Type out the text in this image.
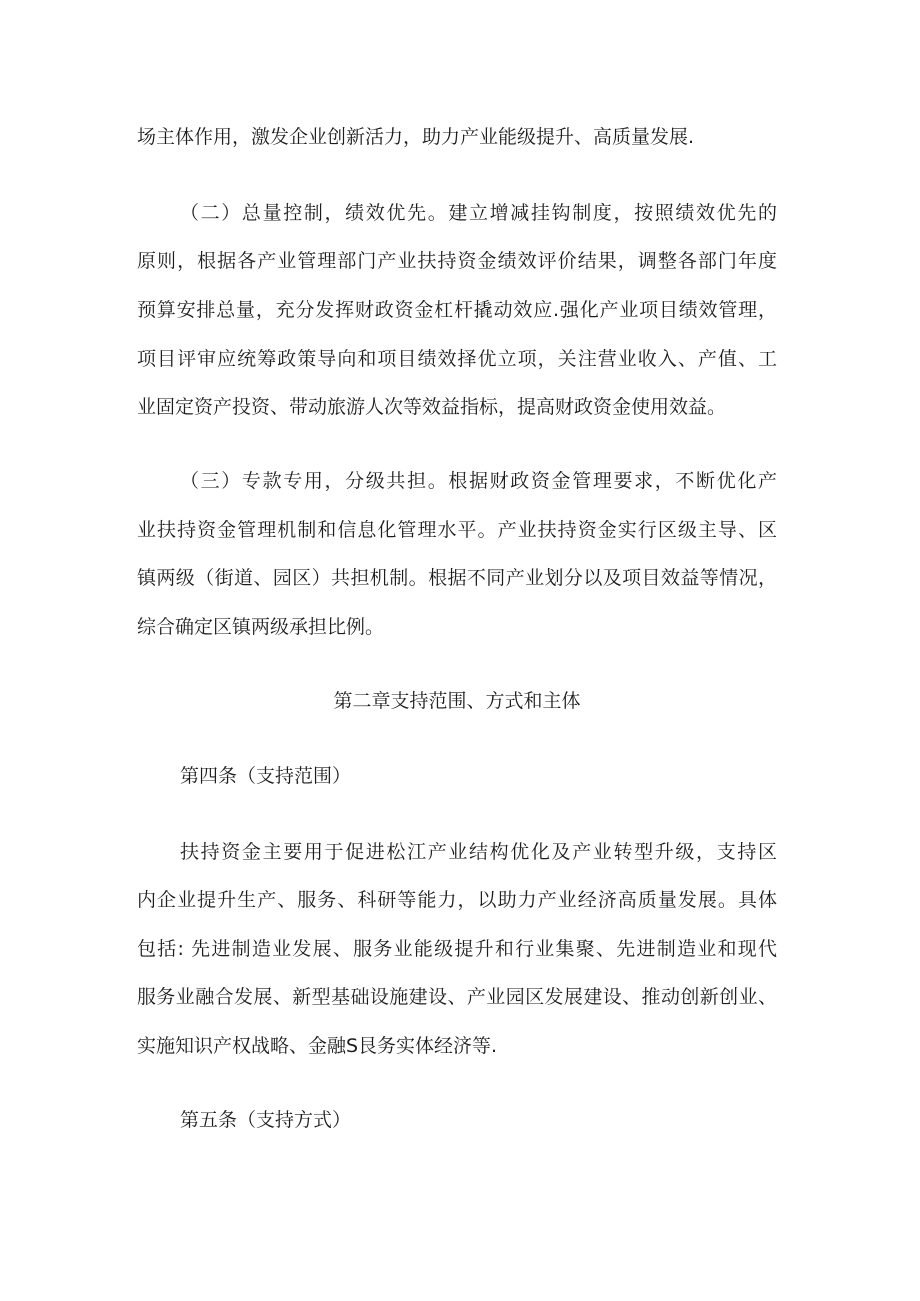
场主体作用，激发企业创新活力，助力产业能级提升、高质量发展.
（二）总量控制，绩效优先。建立增减挂钩制度，按照绩效优先的
原则，根据各产业管理部门产业扶持资金绩效评价结果，调整各部门年度
预算安排总量，充分发挥财政资金杠杆撬动效应.强化产业项目绩效管理，
项目评审应统筹政策导向和项目绩效择优立项，关注营业收入、产值、工
业固定资产投资、带动旅游人次等效益指标，提高财政资金使用效益。
（三）专款专用，分级共担。根据财政资金管理要求，不断优化产
业扶持资金管理机制和信息化管理水平。产业扶持资金实行区级主导、区
镇两级（街道、园区）共担机制。根据不同产业划分以及项目效益等情况，
综合确定区镇两级承担比例。
第二章支持范围、方式和主体
第四条（支持范围）
扶持资金主要用于促进松江产业结构优化及产业转型升级，支持区
内企业提升生产、服务、科研等能力，以助力产业经济高质量发展。具体
包括: 先进制造业发展、服务业能级提升和行业集聚、先进制造业和现代
服务业融合发展、新型基础设施建设、产业园区发展建设、推动创新创业、
实施知识产权战略、金融S艮务实体经济等.
第五条（支持方式）
